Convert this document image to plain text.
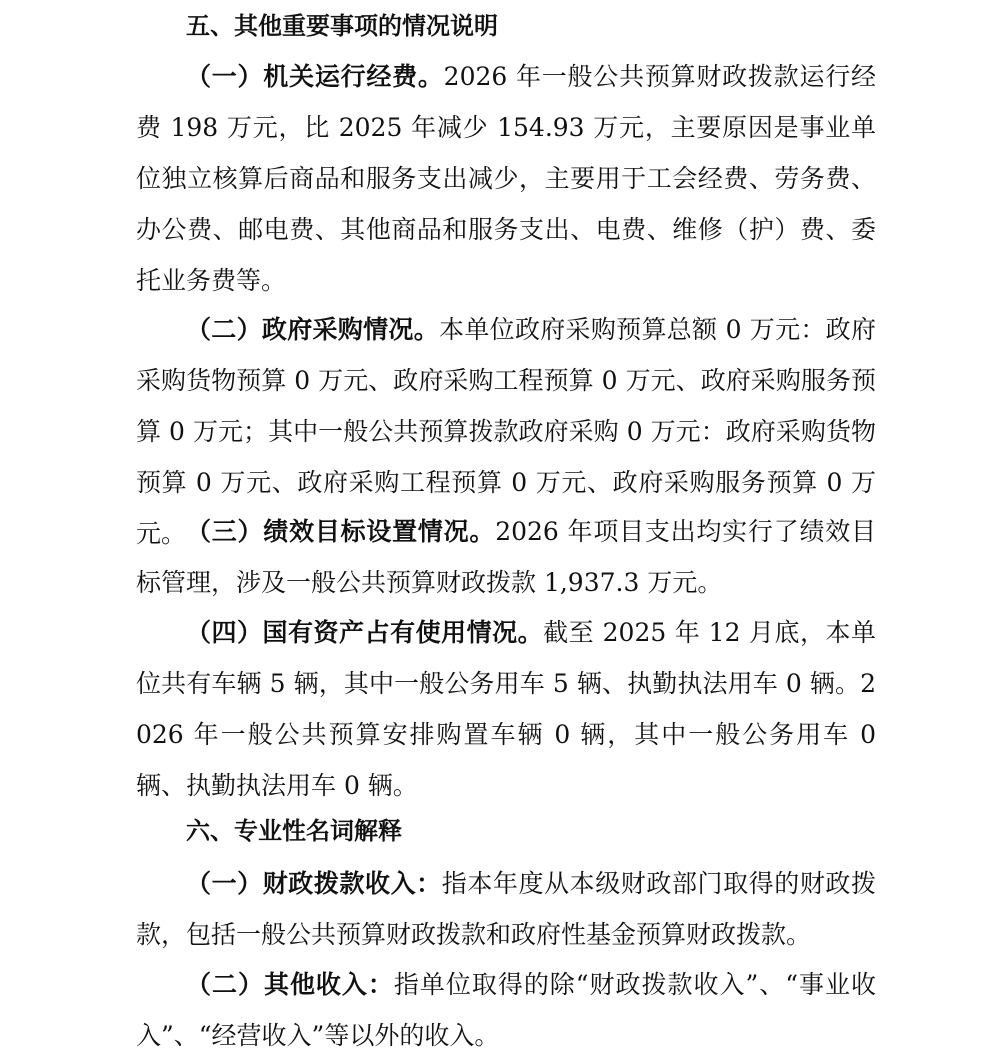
五、其他重要事项的情况说明

（一）机关运行经费。2026 年一般公共预算财政拨款运行经费 198 万元，比 2025 年减少 154.93 万元，主要原因是事业单位独立核算后商品和服务支出减少，主要用于工会经费、劳务费、办公费、邮电费、其他商品和服务支出、电费、维修（护）费、委托业务费等。

（二）政府采购情况。本单位政府采购预算总额 0 万元：政府采购货物预算 0 万元、政府采购工程预算 0 万元、政府采购服务预算 0 万元；其中一般公共预算拨款政府采购 0 万元：政府采购货物预算 0 万元、政府采购工程预算 0 万元、政府采购服务预算 0 万元。 （三）绩效目标设置情况。2026 年项目支出均实行了绩效目标管理，涉及一般公共预算财政拨款 1,937.3 万元。

（四）国有资产占有使用情况。截至 2025 年 12 月底，本单位共有车辆 5 辆，其中一般公务用车 5 辆、执勤执法用车 0 辆。2026 年一般公共预算安排购置车辆 0 辆，其中一般公务用车 0 辆、执勤执法用车 0 辆。

六、专业性名词解释

（一）财政拨款收入：指本年度从本级财政部门取得的财政拨款，包括一般公共预算财政拨款和政府性基金预算财政拨款。

（二）其他收入：指单位取得的除“财政拨款收入”、“事业收入”、“经营收入”等以外的收入。
